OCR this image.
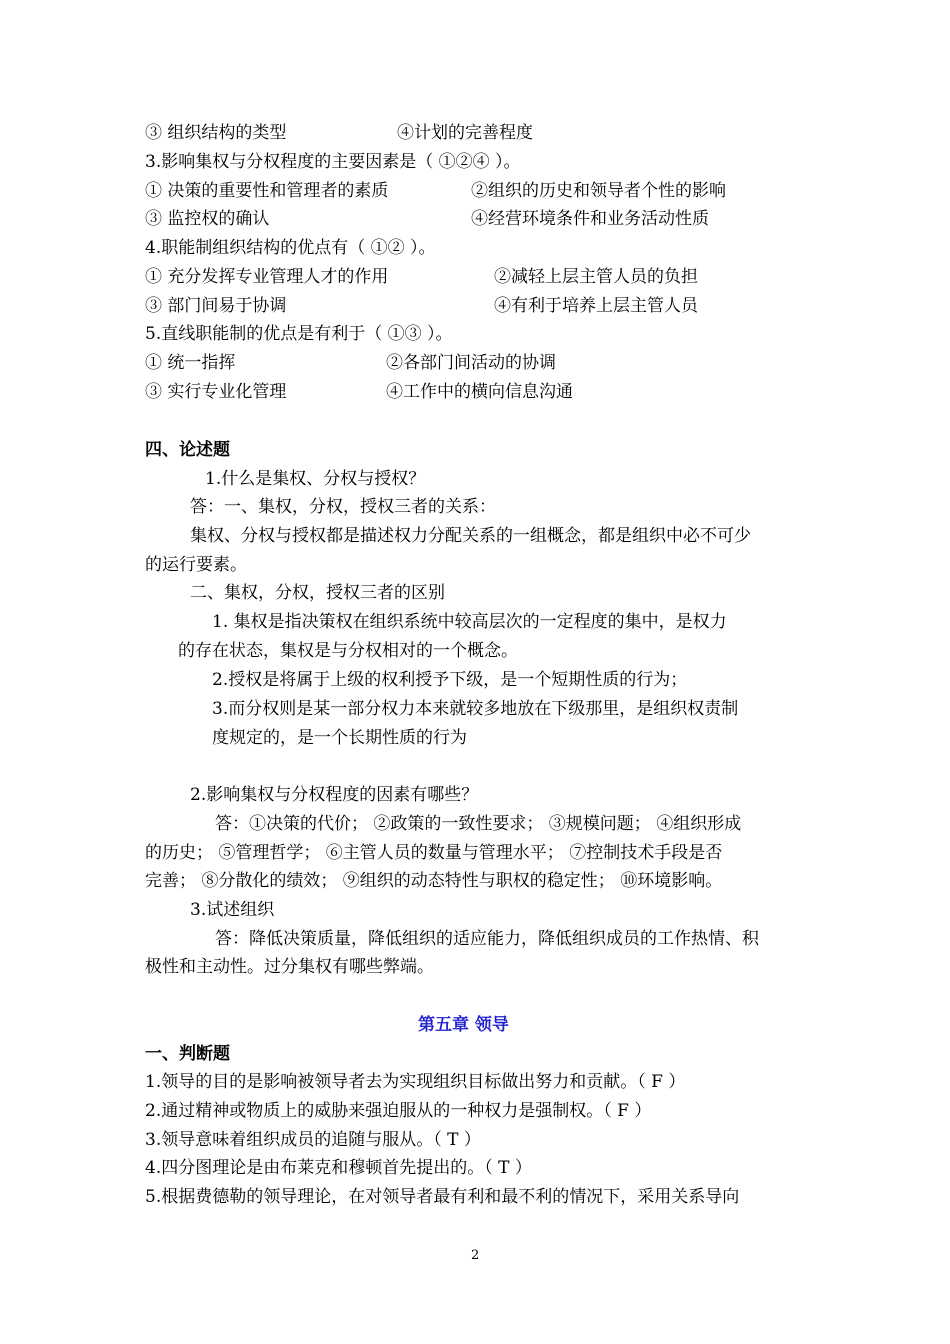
③ 组织结构的类型	④计划的完善程度
3.影响集权与分权程度的主要因素是（ ①②④ ）。
① 决策的重要性和管理者的素质	②组织的历史和领导者个性的影响
③ 监控权的确认	④经营环境条件和业务活动性质
4.职能制组织结构的优点有（ ①② ）。
① 充分发挥专业管理人才的作用	②减轻上层主管人员的负担
③ 部门间易于协调	④有利于培养上层主管人员
5.直线职能制的优点是有利于（ ①③ ）。
① 统一指挥	②各部门间活动的协调
③ 实行专业化管理	④工作中的横向信息沟通
四、论述题
1.什么是集权、分权与授权？
答：一、集权，分权，授权三者的关系：
集权、分权与授权都是描述权力分配关系的一组概念，都是组织中必不可少
的运行要素。
二、集权，分权，授权三者的区别
1. 集权是指决策权在组织系统中较高层次的一定程度的集中，是权力
的存在状态，集权是与分权相对的一个概念。
2.授权是将属于上级的权利授予下级，是一个短期性质的行为；
3.而分权则是某一部分权力本来就较多地放在下级那里，是组织权责制
度规定的，是一个长期性质的行为
2.影响集权与分权程度的因素有哪些？
答：①决策的代价； ②政策的一致性要求； ③规模问题； ④组织形成
的历史； ⑤管理哲学； ⑥主管人员的数量与管理水平； ⑦控制技术手段是否
完善； ⑧分散化的绩效； ⑨组织的动态特性与职权的稳定性； ⑩环境影响。
3.试述组织
答：降低决策质量，降低组织的适应能力，降低组织成员的工作热情、积
极性和主动性。过分集权有哪些弊端。
第五章 领导
一、判断题
1.领导的目的是影响被领导者去为实现组织目标做出努力和贡献。（ F ）
2.通过精神或物质上的威胁来强迫服从的一种权力是强制权。（ F ）
3.领导意味着组织成员的追随与服从。（ T ）
4.四分图理论是由布莱克和穆顿首先提出的。（ T ）
5.根据费德勒的领导理论，在对领导者最有利和最不利的情况下，采用关系导向
2
